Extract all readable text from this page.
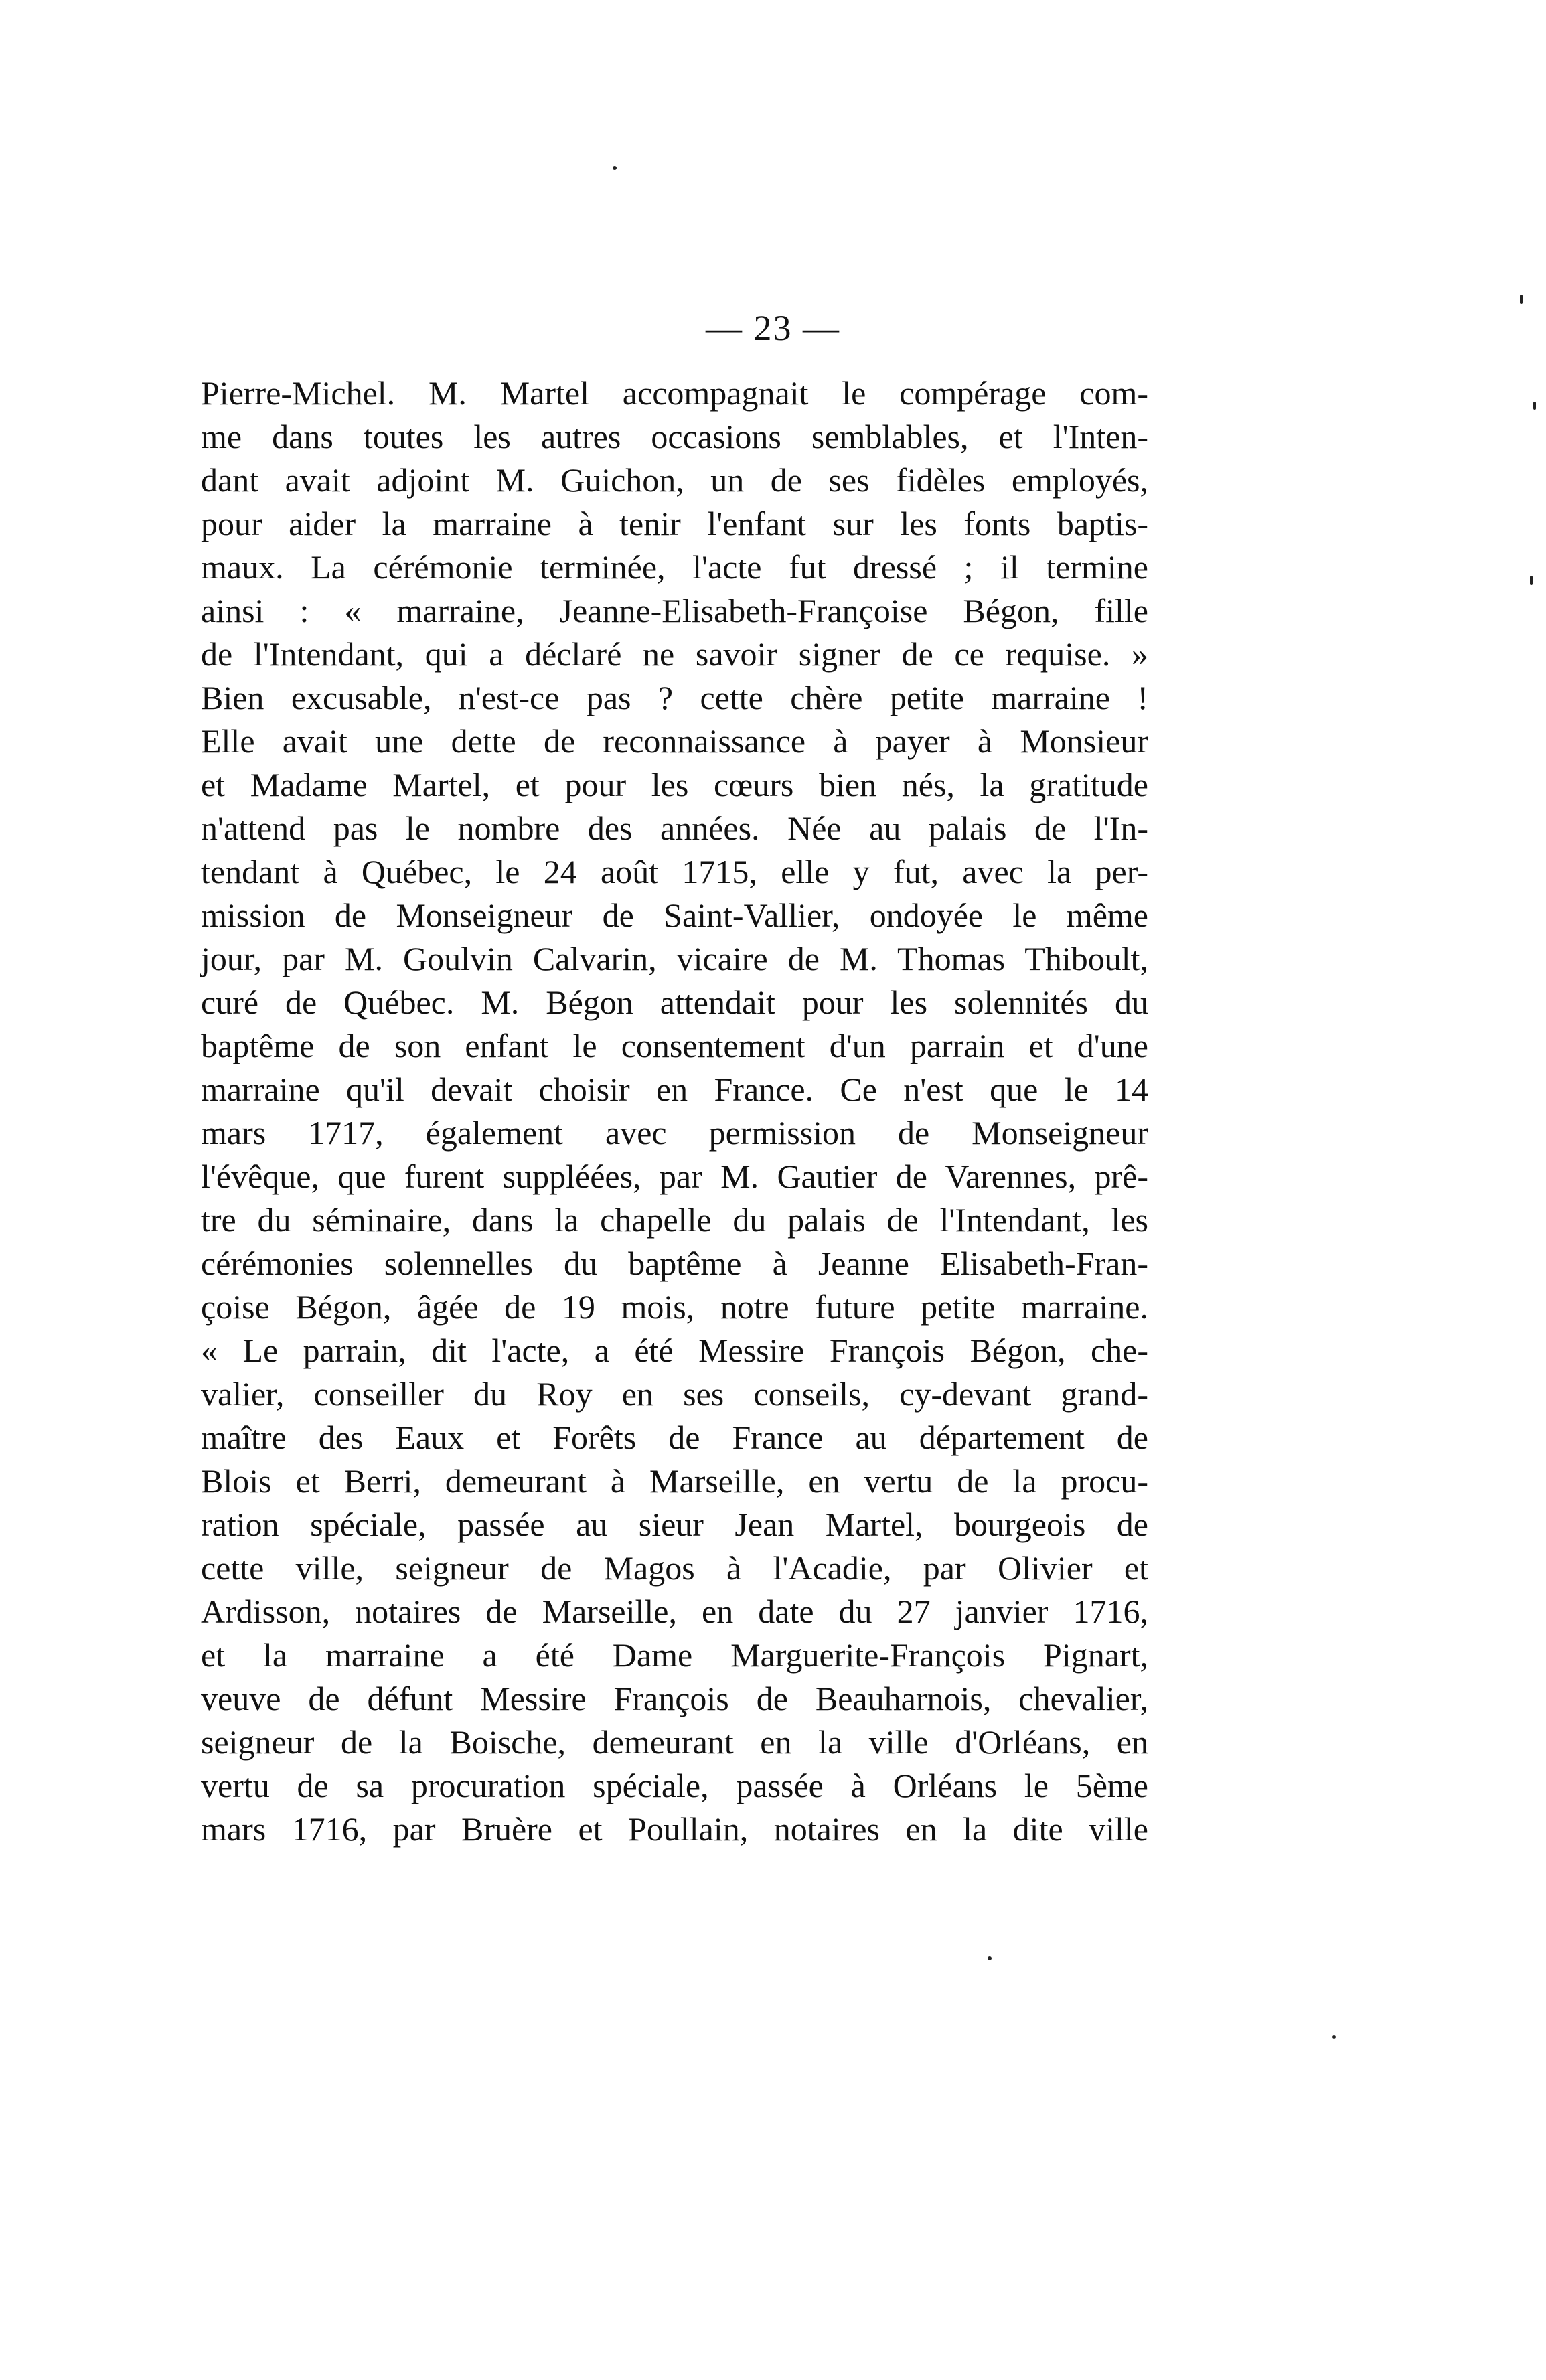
— 23 —
Pierre-Michel. M. Martel accompagnait le compérage com-
me dans toutes les autres occasions semblables, et l'Inten-
dant avait adjoint M. Guichon, un de ses fidèles employés,
pour aider la marraine à tenir l'enfant sur les fonts baptis-
maux. La cérémonie terminée, l'acte fut dressé ; il termine
ainsi : « marraine, Jeanne-Elisabeth-Françoise Bégon, fille
de l'Intendant, qui a déclaré ne savoir signer de ce requise. »
Bien excusable, n'est-ce pas ? cette chère petite marraine !
Elle avait une dette de reconnaissance à payer à Monsieur
et Madame Martel, et pour les cœurs bien nés, la gratitude
n'attend pas le nombre des années. Née au palais de l'In-
tendant à Québec, le 24 août 1715, elle y fut, avec la per-
mission de Monseigneur de Saint-Vallier, ondoyée le même
jour, par M. Goulvin Calvarin, vicaire de M. Thomas Thiboult,
curé de Québec. M. Bégon attendait pour les solennités du
baptême de son enfant le consentement d'un parrain et d'une
marraine qu'il devait choisir en France. Ce n'est que le 14
mars 1717, également avec permission de Monseigneur
l'évêque, que furent suppléées, par M. Gautier de Varennes, prê-
tre du séminaire, dans la chapelle du palais de l'Intendant, les
cérémonies solennelles du baptême à Jeanne Elisabeth-Fran-
çoise Bégon, âgée de 19 mois, notre future petite marraine.
« Le parrain, dit l'acte, a été Messire François Bégon, che-
valier, conseiller du Roy en ses conseils, cy-devant grand-
maître des Eaux et Forêts de France au département de
Blois et Berri, demeurant à Marseille, en vertu de la procu-
ration spéciale, passée au sieur Jean Martel, bourgeois de
cette ville, seigneur de Magos à l'Acadie, par Olivier et
Ardisson, notaires de Marseille, en date du 27 janvier 1716,
et la marraine a été Dame Marguerite-François Pignart,
veuve de défunt Messire François de Beauharnois, chevalier,
seigneur de la Boische, demeurant en la ville d'Orléans, en
vertu de sa procuration spéciale, passée à Orléans le 5ème
mars 1716, par Bruère et Poullain, notaires en la dite ville
